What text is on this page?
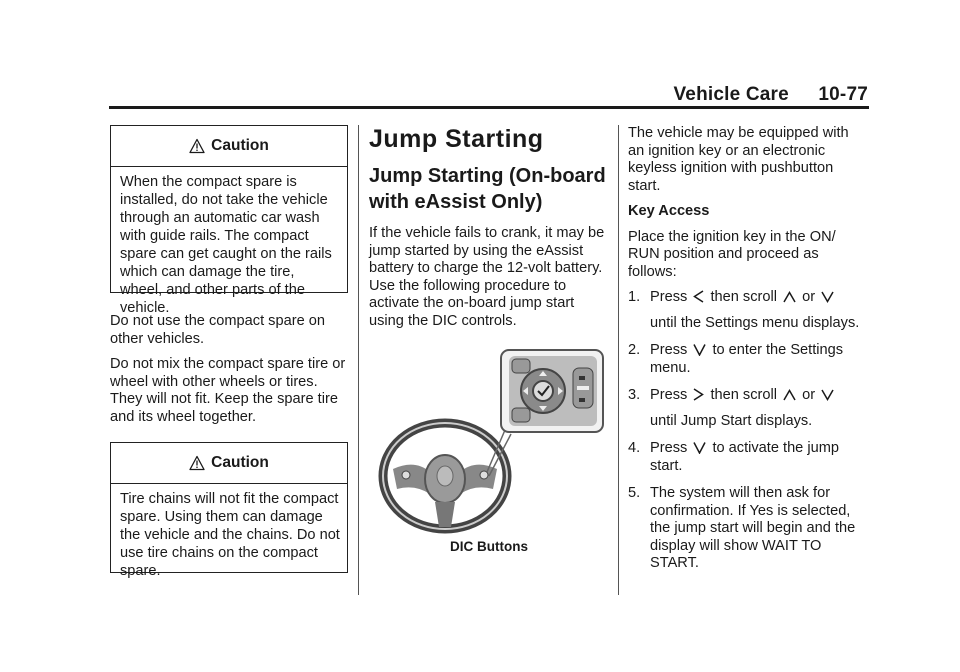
Vehicle Care 10-77
Caution
When the compact spare is installed, do not take the vehicle through an automatic car wash with guide rails. The compact spare can get caught on the rails which can damage the tire, wheel, and other parts of the vehicle.

Do not use the compact spare on other vehicles.

Do not mix the compact spare tire or wheel with other wheels or tires. They will not fit. Keep the spare tire and its wheel together.

Caution
Tire chains will not fit the compact spare. Using them can damage the vehicle and the chains. Do not use tire chains on the compact spare.
Jump Starting
Jump Starting (On-board with eAssist Only)

If the vehicle fails to crank, it may be jump started by using the eAssist battery to charge the 12-volt battery. Use the following procedure to activate the on-board jump start using the DIC controls.

DIC Buttons

The vehicle may be equipped with an ignition key or an electronic keyless ignition with pushbutton start.

Key Access

Place the ignition key in the ON/ RUN position and proceed as follows:

1. Press then scroll or
until the Settings menu displays.
2. Press to enter the Settings menu.
3. Press then scroll or
until Jump Start displays.
4. Press to activate the jump start.
5. The system will then ask for confirmation. If Yes is selected, the jump start will begin and the display will show WAIT TO START.
